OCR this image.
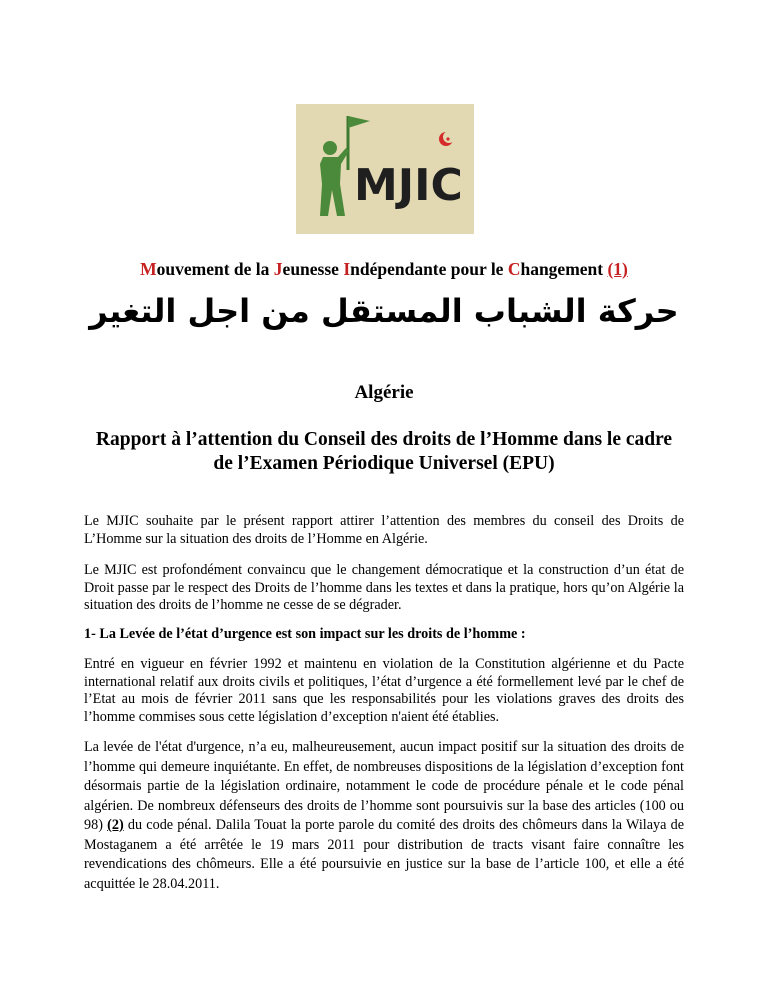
MJIC
Mouvement de la Jeunesse Indépendante pour le Changement (1)
حركة الشباب المستقل من اجل التغير
Algérie
Rapport à l’attention du Conseil des droits de l’Homme dans le cadre de l’Examen Périodique Universel (EPU)
Le MJIC souhaite par le présent rapport attirer l’attention des membres du conseil des Droits de L’Homme sur la situation des droits de l’Homme en Algérie.
Le MJIC est profondément convaincu que le changement démocratique et la construction d’un état de Droit passe par le respect des Droits de l’homme dans les textes et dans la pratique, hors qu’on Algérie la situation des droits de l’homme ne cesse de se dégrader.
1- La Levée de l’état d’urgence est son impact sur les droits de l’homme :
Entré en vigueur en février 1992 et maintenu en violation de la Constitution algérienne et du Pacte international relatif aux droits civils et politiques, l’état d’urgence a été formellement levé par le chef de l’Etat au mois de février 2011 sans que les responsabilités pour les violations graves des droits des l’homme commises sous cette législation d’exception n'aient été établies.
La levée de l'état d'urgence, n’a eu, malheureusement, aucun impact positif sur la situation des droits de l’homme qui demeure inquiétante. En effet, de nombreuses dispositions de la législation d’exception font désormais partie de la législation ordinaire, notamment le code de procédure pénale et le code pénal algérien. De nombreux défenseurs des droits de l’homme sont poursuivis sur la base des articles (100 ou 98) (2) du code pénal. Dalila Touat la porte parole du comité des droits des chômeurs dans la Wilaya de Mostaganem a été arrêtée le 19 mars 2011 pour distribution de tracts visant faire connaître les revendications des chômeurs. Elle a été poursuivie en justice sur la base de l’article 100, et elle a été acquittée le 28.04.2011.
